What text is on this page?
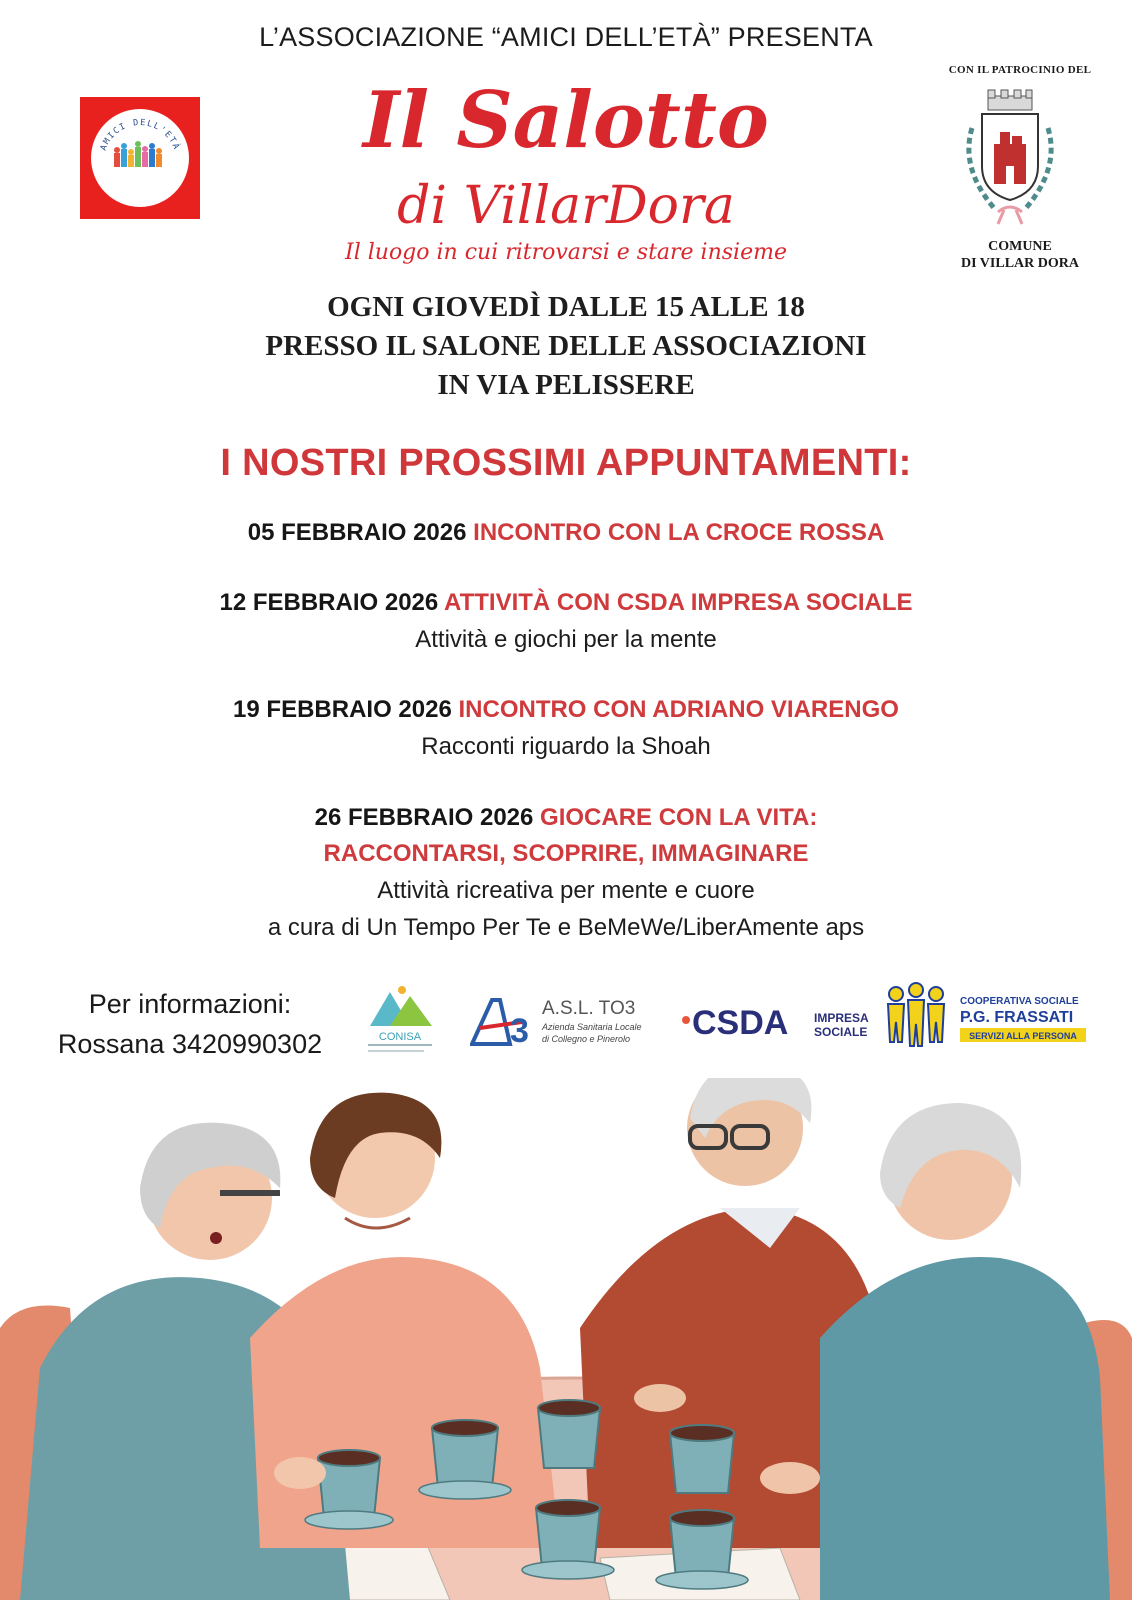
L’ASSOCIAZIONE “AMICI DELL’ETÀ” PRESENTA
AMICI DELL'ETÀ	Il Salotto
di VillarDora
Il luogo in cui ritrovarsi e stare insieme
CON IL PATROCINIO DEL
COMUNE
DI VILLAR DORA
OGNI GIOVEDÌ DALLE 15 ALLE 18
PRESSO IL SALONE DELLE ASSOCIAZIONI
IN VIA PELISSERE
I NOSTRI PROSSIMI APPUNTAMENTI:
05 FEBBRAIO 2026 INCONTRO CON LA CROCE ROSSA
12 FEBBRAIO 2026 ATTIVITÀ CON CSDA IMPRESA SOCIALE
Attività e giochi per la mente
19 FEBBRAIO 2026 INCONTRO CON ADRIANO VIARENGO
Racconti riguardo la Shoah
26 FEBBRAIO 2026 GIOCARE CON LA VITA:
RACCONTARSI, SCOPRIRE, IMMAGINARE
Attività ricreativa per mente e cuore
a cura di Un Tempo Per Te e BeMeWe/LiberAmente aps
Per informazioni:
Rossana 3420990302	CONISA	3
A.S.L. TO3
Azienda Sanitaria Locale
di Collegno e Pinerolo CSDA IMPRESA
SOCIALE
COOPERATIVA SOCIALE
P.G. FRASSATI
SERVIZI ALLA PERSONA
